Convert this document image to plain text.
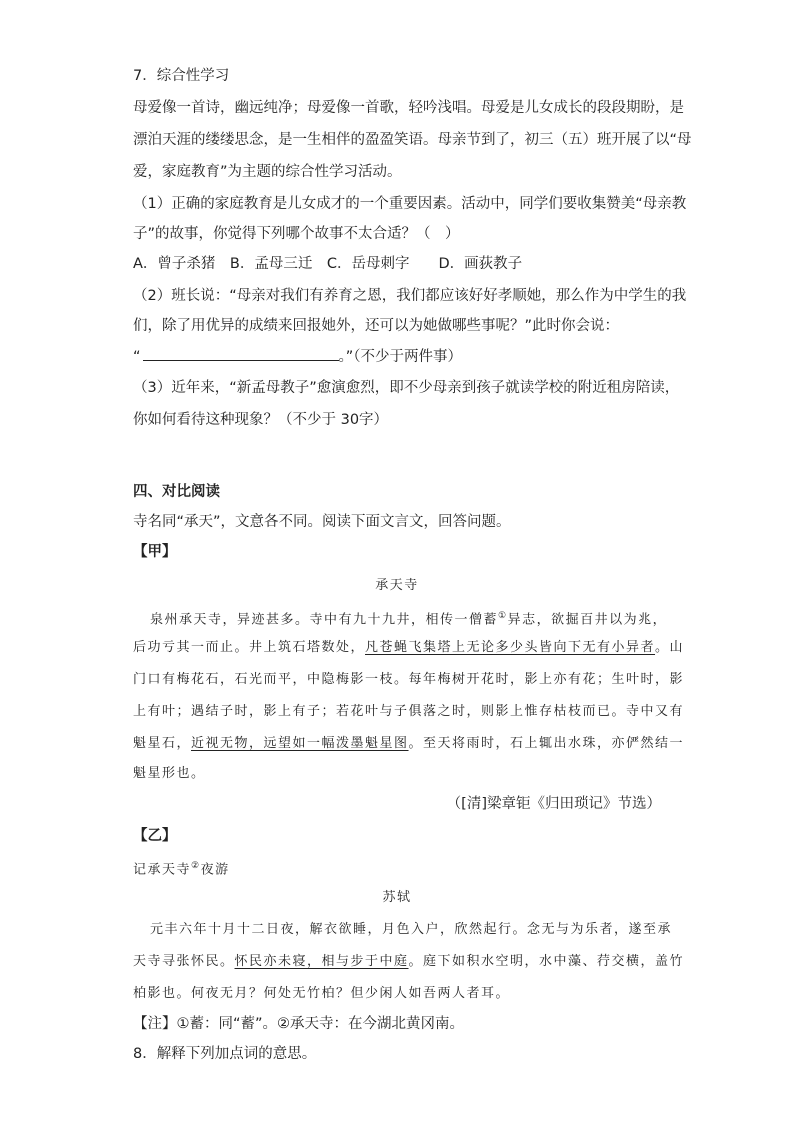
7．综合性学习
母爱像一首诗，幽远纯净；母爱像一首歌，轻吟浅唱。母爱是儿女成长的段段期盼，是
漂泊天涯的缕缕思念，是一生相伴的盈盈笑语。母亲节到了，初三（五）班开展了以“母
爱，家庭教育”为主题的综合性学习活动。
（1）正确的家庭教育是儿女成才的一个重要因素。活动中，同学们要收集赞美“母亲教
子”的故事，你觉得下列哪个故事不太合适？（　）
A．曾子杀猪　B．孟母三迁　C．岳母刺字　　D．画荻教子
（2）班长说：“母亲对我们有养育之恩，我们都应该好好孝顺她，那么作为中学生的我
们，除了用优异的成绩来回报她外，还可以为她做哪些事呢？”此时你会说：
“	。”（不少于两件事）
（3）近年来，“新孟母教子”愈演愈烈，即不少母亲到孩子就读学校的附近租房陪读，
你如何看待这种现象？（不少于 30字）
四、对比阅读
寺名同“承天”，文意各不同。阅读下面文言文，回答问题。
【甲】
承天寺
泉州承天寺，异迹甚多。寺中有九十九井，相传一僧蓄①异志，欲掘百井以为兆，
后功亏其一而止。井上筑石塔数处，凡苍蝇飞集塔上无论多少头皆向下无有小异者。山
门口有梅花石，石光而平，中隐梅影一枝。每年梅树开花时，影上亦有花；生叶时，影
上有叶；遇结子时，影上有子；若花叶与子俱落之时，则影上惟存枯枝而已。寺中又有
魁星石，近视无物，远望如一幅泼墨魁星图。至天将雨时，石上辄出水珠，亦俨然结一
魁星形也。
（[清]梁章钜《归田琐记》节选）
【乙】
记承天寺②夜游
苏轼
元丰六年十月十二日夜，解衣欲睡，月色入户，欣然起行。念无与为乐者，遂至承
天寺寻张怀民。怀民亦未寝，相与步于中庭。庭下如积水空明，水中藻、荇交横，盖竹
柏影也。何夜无月？何处无竹柏？但少闲人如吾两人者耳。
【注】①蓄：同“蓄”。②承天寺：在今湖北黄冈南。
8．解释下列加点词的意思。
